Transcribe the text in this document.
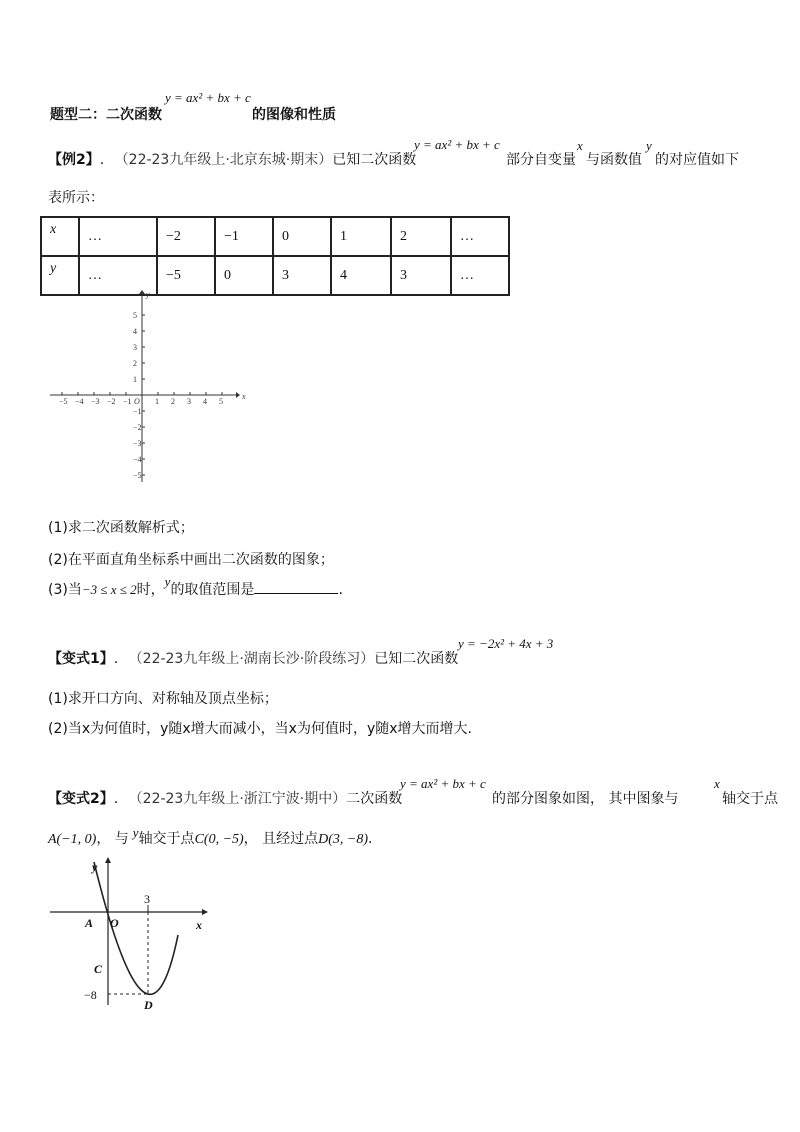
题型二：二次函数
y = ax² + bx + c
的图像和性质
【例2】. （22-23九年级上·北京东城·期末）已知二次函数
y = ax² + bx + c
部分自变量
x
与函数值
y
的对应值如下
表所示：
x	…	−2	−1	0	1	2	…
y	…	−5	0	3	4	3	…
−5 −4 −3 −2 −1	1 2 3 4 5
5
4
3
2
1
−1
−2
−3
−4
−5
x
y
O
(1)求二次函数解析式；
(2)在平面直角坐标系中画出二次函数的图象；
(3)当−3 ≤ x ≤ 2时，y的取值范围是	.
【变式1】. （22-23九年级上·湖南长沙·阶段练习）已知二次函数
y = −2x² + 4x + 3
(1)求开口方向、对称轴及顶点坐标；
(2)当x为何值时，y随x增大而减小，当x为何值时，y随x增大而增大.
【变式2】. （22-23九年级上·浙江宁波·期中）二次函数
y = ax² + bx + c
的部分图象如图， 其中图象与
x
轴交于点
A(−1, 0)， 与 y轴交于点C(0, −5)， 且经过点D(3, −8).
y
x
O
A
C
D
3
−8
